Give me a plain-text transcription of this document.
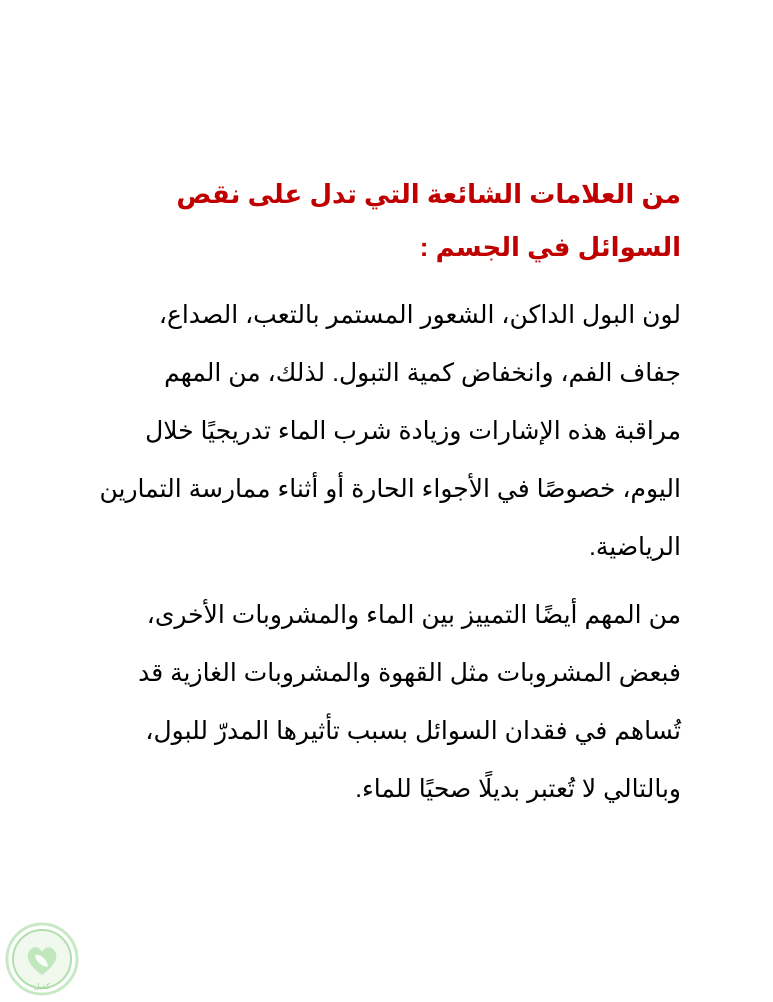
من العلامات الشائعة التي تدل على نقص السوائل في الجسم :

لون البول الداكن، الشعور المستمر بالتعب، الصداع، جفاف الفم، وانخفاض كمية التبول. لذلك، من المهم مراقبة هذه الإشارات وزيادة شرب الماء تدريجيًا خلال اليوم، خصوصًا في الأجواء الحارة أو أثناء ممارسة التمارين الرياضية.

من المهم أيضًا التمييز بين الماء والمشروبات الأخرى، فبعض المشروبات مثل القهوة والمشروبات الغازية قد تُساهم في فقدان السوائل بسبب تأثيرها المدرّ للبول، وبالتالي لا تُعتبر بديلًا صحيًا للماء.

كفيل
